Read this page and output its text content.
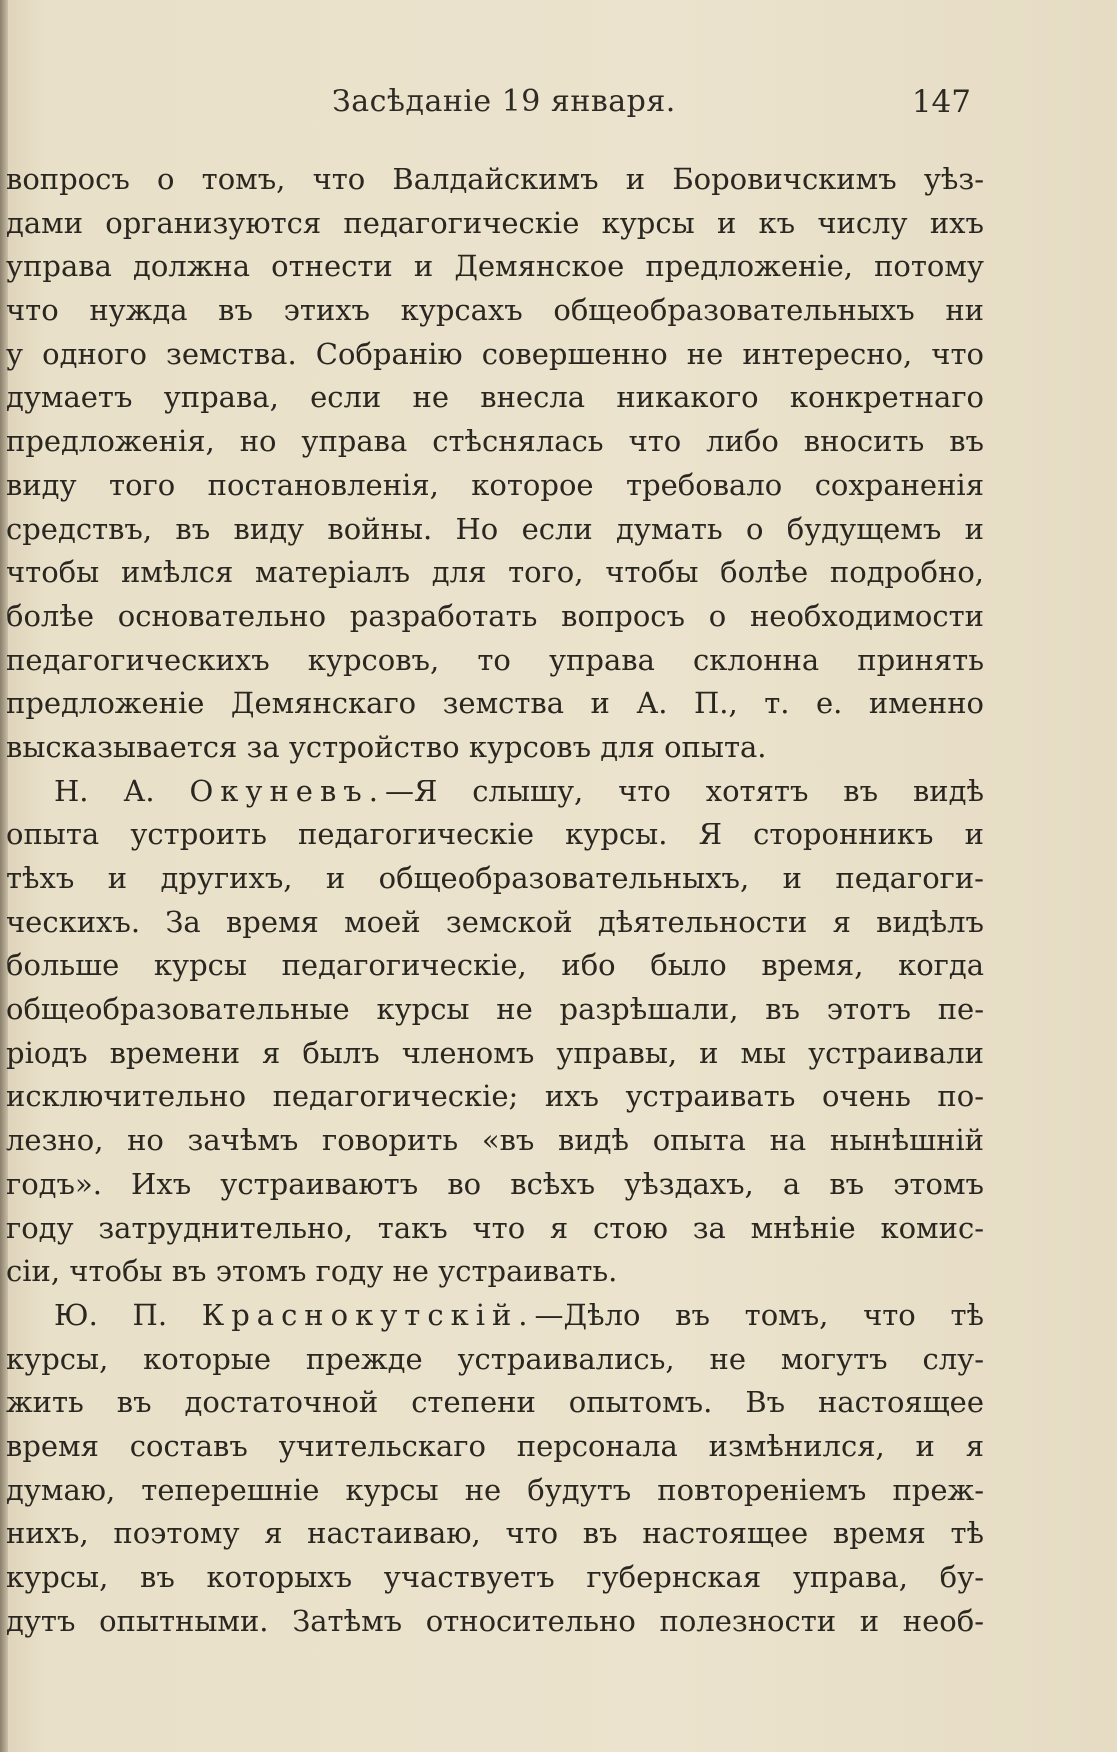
Засѣданіе 19 января.	147
вопросъ о томъ, что Валдайскимъ и Боровичскимъ уѣз-
дами организуются педагогическіе курсы и къ числу ихъ
управа должна отнести и Демянское предложеніе, потому
что нужда въ этихъ курсахъ общеобразовательныхъ ни
у одного земства. Собранію совершенно не интересно, что
думаетъ управа, если не внесла никакого конкретнаго
предложенія, но управа стѣснялась что либо вносить въ
виду того постановленія, которое требовало сохраненія
средствъ, въ виду войны. Но если думать о будущемъ и
чтобы имѣлся матеріалъ для того, чтобы болѣе подробно,
болѣе основательно разработать вопросъ о необходимости
педагогическихъ курсовъ, то управа склонна принять
предложеніе Демянскаго земства и А. П., т. е. именно
высказывается за устройство курсовъ для опыта.
Н. А. Окуневъ.—Я слышу, что хотятъ въ видѣ
опыта устроить педагогическіе курсы. Я сторонникъ и
тѣхъ и другихъ, и общеобразовательныхъ, и педагоги-
ческихъ. За время моей земской дѣятельности я видѣлъ
больше курсы педагогическіе, ибо было время, когда
общеобразовательные курсы не разрѣшали, въ этотъ пе-
ріодъ времени я былъ членомъ управы, и мы устраивали
исключительно педагогическіе; ихъ устраивать очень по-
лезно, но зачѣмъ говорить «въ видѣ опыта на нынѣшній
годъ». Ихъ устраиваютъ во всѣхъ уѣздахъ, а въ этомъ
году затруднительно, такъ что я стою за мнѣніе комис-
сіи, чтобы въ этомъ году не устраивать.
Ю. П. Краснокутскій.—Дѣло въ томъ, что тѣ
курсы, которые прежде устраивались, не могутъ слу-
жить въ достаточной степени опытомъ. Въ настоящее
время составъ учительскаго персонала измѣнился, и я
думаю, теперешніе курсы не будутъ повтореніемъ преж-
нихъ, поэтому я настаиваю, что въ настоящее время тѣ
курсы, въ которыхъ участвуетъ губернская управа, бу-
дутъ опытными. Затѣмъ относительно полезности и необ-
